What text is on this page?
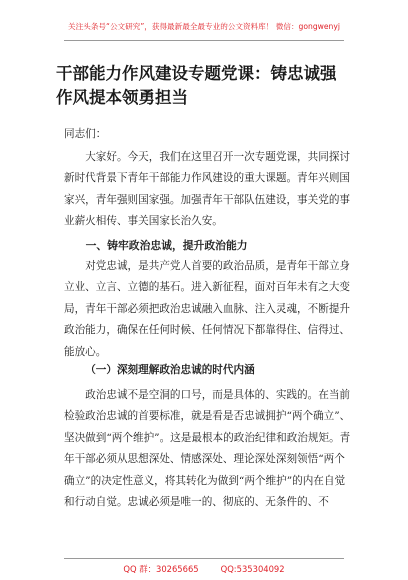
关注头条号“公文研究”，获得最新最全最专业的公文资料库！ 微信：gongwenyj
干部能力作风建设专题党课：铸忠诚强作风提本领勇担当
同志们：
大家好。今天，我们在这里召开一次专题党课，共同探讨新时代背景下青年干部能力作风建设的重大课题。青年兴则国家兴，青年强则国家强。加强青年干部队伍建设，事关党的事业薪火相传、事关国家长治久安。
一、铸牢政治忠诚，提升政治能力
对党忠诚，是共产党人首要的政治品质，是青年干部立身立业、立言、立德的基石。进入新征程，面对百年未有之大变局，青年干部必须把政治忠诚融入血脉、注入灵魂，不断提升政治能力，确保在任何时候、任何情况下都靠得住、信得过、能放心。
（一）深刻理解政治忠诚的时代内涵
政治忠诚不是空洞的口号，而是具体的、实践的。在当前检验政治忠诚的首要标准，就是看是否忠诚拥护“两个确立”、坚决做到“两个维护”。这是最根本的政治纪律和政治规矩。青年干部必须从思想深处、情感深处、理论深处深刻领悟“两个确立”的决定性意义，将其转化为做到“两个维护”的内在自觉和行动自觉。忠诚必须是唯一的、彻底的、无条件的、不
QQ 群：30265665	QQ:535304092
